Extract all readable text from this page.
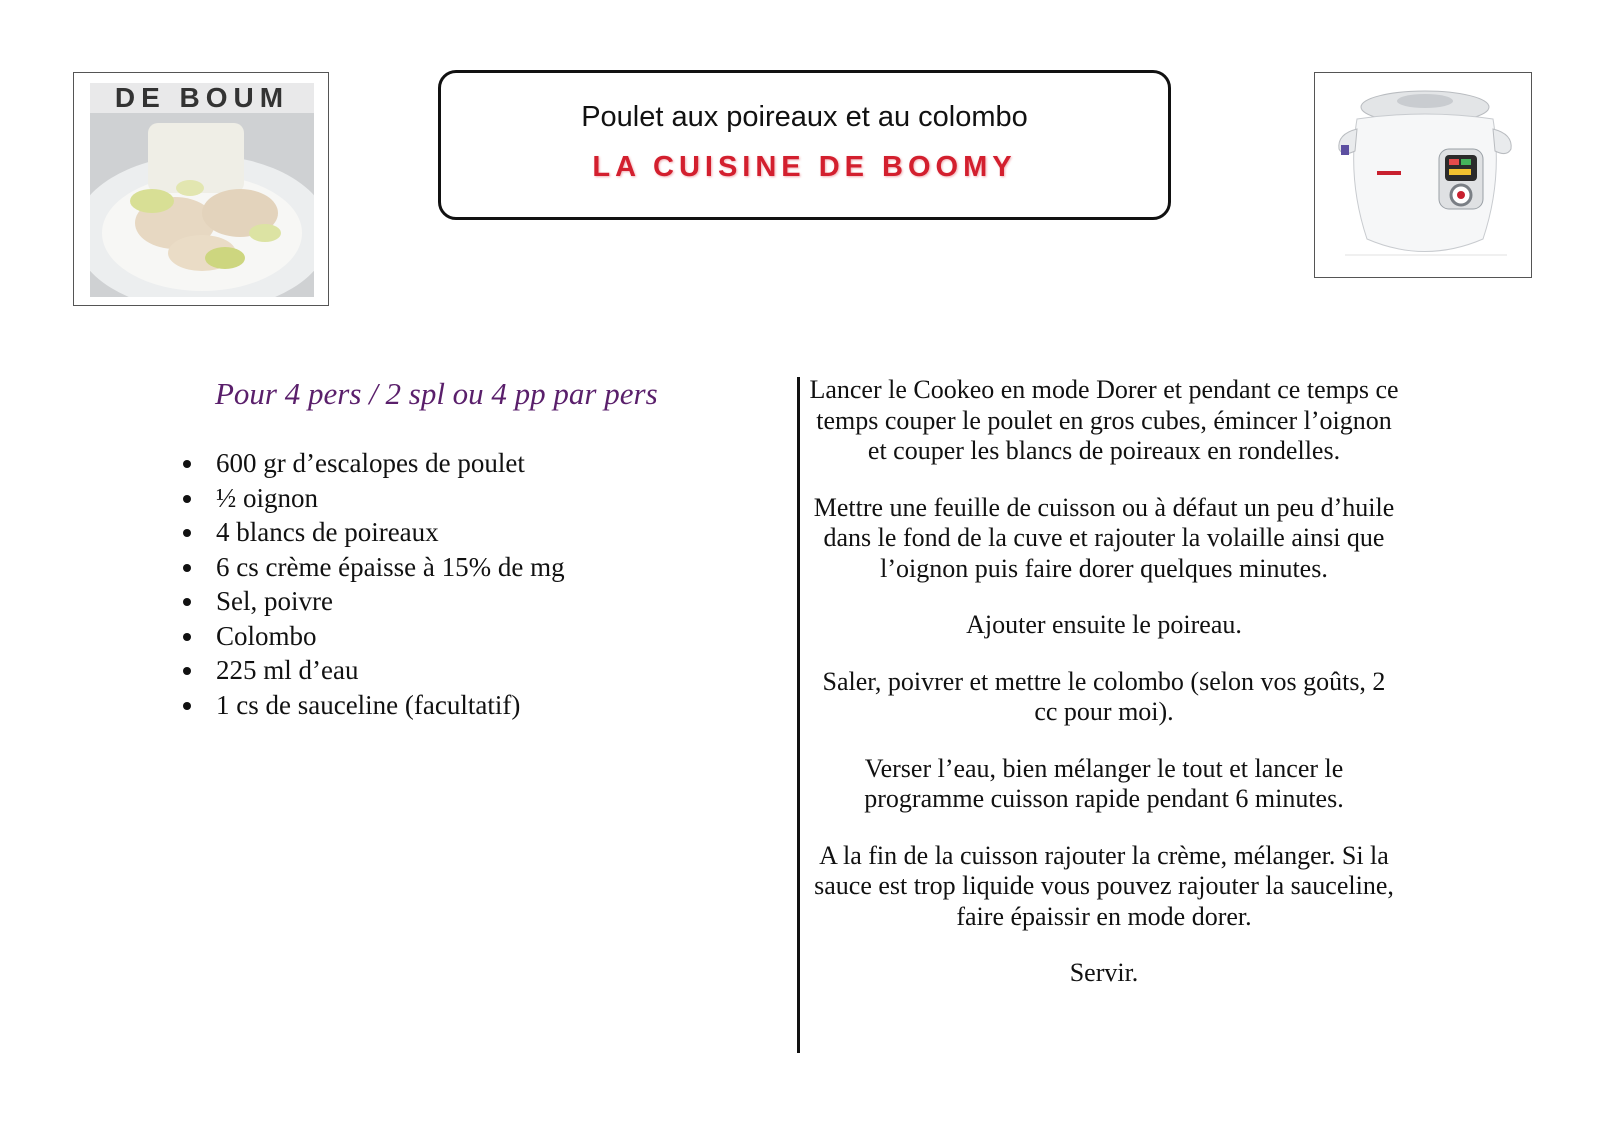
DE BOUM
Poulet aux poireaux et au colombo
LA CUISINE DE BOOMY
Pour 4 pers / 2 spl ou 4 pp par pers
600 gr d’escalopes de poulet
½ oignon
4 blancs de poireaux
6 cs crème épaisse à 15% de mg
Sel, poivre
Colombo
225 ml d’eau
1 cs de sauceline (facultatif)

Lancer le Cookeo en mode Dorer et pendant ce temps ce temps couper le poulet en gros cubes, émincer l’oignon et couper les blancs de poireaux en rondelles.

Mettre une feuille de cuisson ou à défaut un peu d’huile dans le fond de la cuve et rajouter la volaille ainsi que l’oignon puis faire dorer quelques minutes.

Ajouter ensuite le poireau.

Saler, poivrer et mettre le colombo (selon vos goûts, 2 cc pour moi).

Verser l’eau, bien mélanger le tout et lancer le programme cuisson rapide pendant 6 minutes.

A la fin de la cuisson rajouter la crème, mélanger. Si la sauce est trop liquide vous pouvez rajouter la sauceline, faire épaissir en mode dorer.

Servir.
